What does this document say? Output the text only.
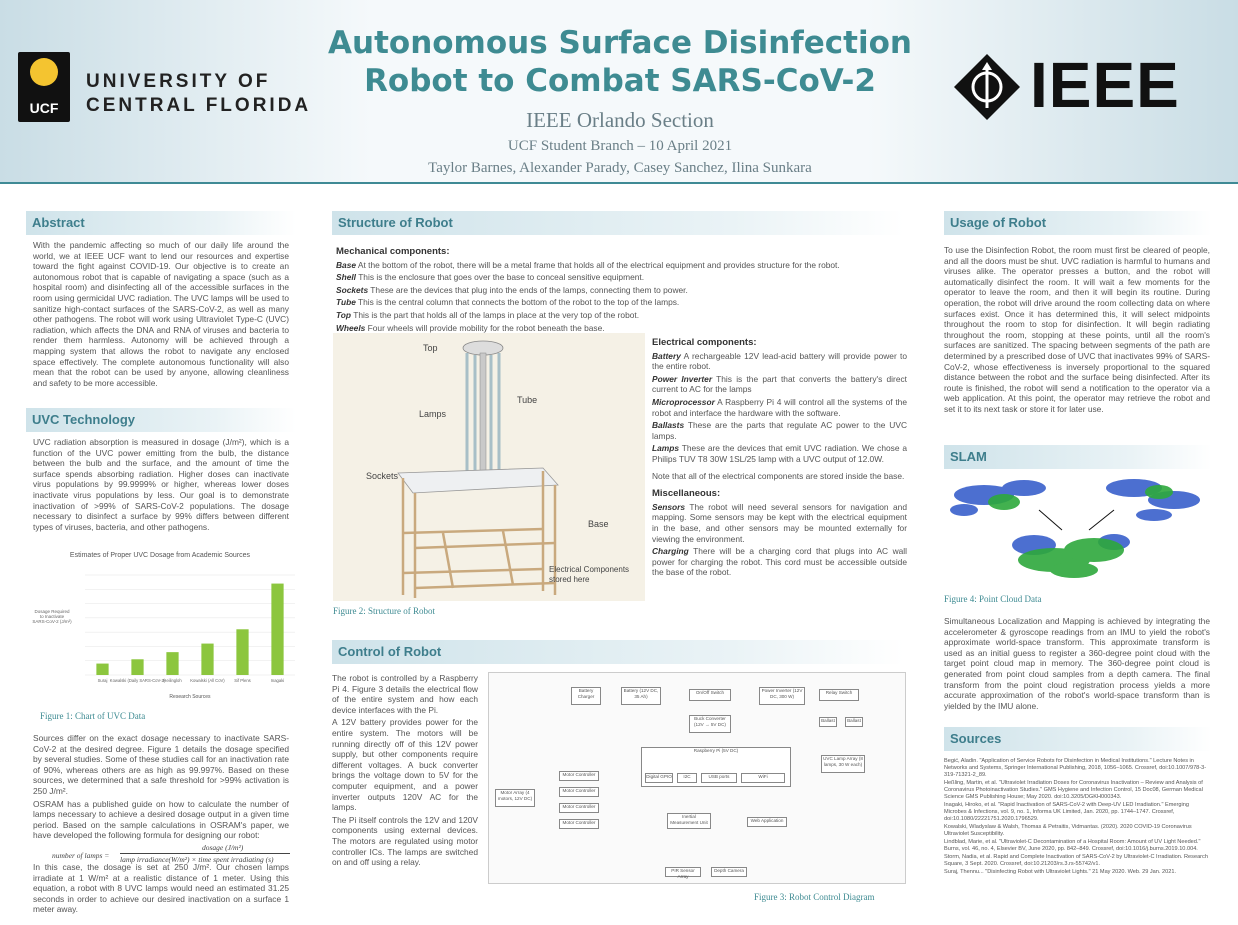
UCF
UNIVERSITY OF
CENTRAL FLORIDA
Autonomous Surface Disinfection
Robot to Combat SARS-CoV-2
IEEE Orlando Section
UCF Student Branch – 10 April 2021
Taylor Barnes, Alexander Parady, Casey Sanchez, Ilina Sunkara
IEEE
Abstract
With the pandemic affecting so much of our daily life around the world, we at IEEE UCF want to lend our resources and expertise toward the fight against COVID-19. Our objective is to create an autonomous robot that is capable of navigating a space (such as a hospital room) and disinfecting all of the accessible surfaces in the room using germicidal UVC radiation. The UVC lamps will be used to sanitize high-contact surfaces of the SARS-CoV-2, as well as many other pathogens. The robot will work using Ultraviolet Type-C (UVC) radiation, which affects the DNA and RNA of viruses and bacteria to render them harmless. Autonomy will be achieved through a mapping system that allows the robot to navigate any enclosed space effectively. The complete autonomous functionality will also mean that the robot can be used by anyone, allowing cleanliness and safety to be more accessible.
UVC Technology
UVC radiation absorption is measured in dosage (J/m²), which is a function of the UVC power emitting from the bulb, the distance between the bulb and the surface, and the amount of time the surface spends absorbing radiation. Higher doses can inactivate virus populations by 99.9999% or higher, whereas lower doses inactivate virus populations by less. Our goal is to demonstrate inactivation of >99% of SARS-CoV-2 populations. The dosage necessary to disinfect a surface by 99% differs between different types of viruses, bacteria, and other pathogens.
Estimates of Proper UVC Dosage from Academic Sources
Dosage Required to Inactivate SARS-CoV-2 (J/m²)
Suraj Kowalski (Daily SARS-CoV-2)
Heilingloh Kowalski (All CoV) Sif Plens	Inagaki
Research Sources
Figure 1: Chart of UVC Data

Sources differ on the exact dosage necessary to inactivate SARS-CoV-2 at the desired degree. Figure 1 details the dosage specified by several studies. Some of these studies call for an inactivation rate of 90%, whereas others are as high as 99.997%. Based on these sources, we determined that a safe threshold for >99% activation is 250 J/m².

OSRAM has a published guide on how to calculate the number of lamps necessary to achieve a desired dosage output in a given time period. Based on the sample calculations in OSRAM's paper, we have developed the following formula for designing our robot:

dosage (J/m²)
number of lamps = lamp irradiance(W/m²) × time spent irradiating (s)
In this case, the dosage is set at 250 J/m². Our chosen lamps irradiate at 1 W/m² at a realistic distance of 1 meter. Using this equation, a robot with 8 UVC lamps would need an estimated 31.25 seconds in order to achieve our desired inactivation on a surface 1 meter away.
Structure of Robot

Mechanical components:

Base At the bottom of the robot, there will be a metal frame that holds all of the electrical equipment and provides structure for the robot.

Shell This is the enclosure that goes over the base to conceal sensitive equipment.

Sockets These are the devices that plug into the ends of the lamps, connecting them to power.

Tube This is the central column that connects the bottom of the robot to the top of the lamps.

Top This is the part that holds all of the lamps in place at the very top of the robot.

Wheels Four wheels will provide mobility for the robot beneath the base.

Top
Lamps
Tube
Sockets
Base
Electrical Components
stored here
Figure 2: Structure of Robot

Electrical components:

Battery A rechargeable 12V lead-acid battery will provide power to the entire robot.

Power Inverter This is the part that converts the battery's direct current to AC for the lamps

Microprocessor A Raspberry Pi 4 will control all the systems of the robot and interface the hardware with the software.

Ballasts These are the parts that regulate AC power to the UVC lamps.

Lamps These are the devices that emit UVC radiation. We chose a Philips TUV T8 30W 1SL/25 lamp with a UVC output of 12.0W.

Note that all of the electrical components are stored inside the base.

Miscellaneous:

Sensors The robot will need several sensors for navigation and mapping. Some sensors may be kept with the electrical equipment in the base, and other sensors may be mounted externally for viewing the environment.

Charging There will be a charging cord that plugs into AC wall power for charging the robot. This cord must be accessible outside the base of the robot.

Control of Robot

The robot is controlled by a Raspberry Pi 4. Figure 3 details the electrical flow of the entire system and how each device interfaces with the Pi.

A 12V battery provides power for the entire system. The motors will be running directly off of this 12V power supply, but other components require different voltages. A buck converter brings the voltage down to 5V for the computer equipment, and a power inverter outputs 120V AC for the lamps.

The Pi itself controls the 12V and 120V components using external devices. The motors are regulated using motor controller ICs. The lamps are switched on and off using a relay.

Battery Charger
Battery (12V DC, 35 Ah)
On/Off Switch	Power Inverter (12V DC, 300 W)
Relay Switch
Buck Converter (12V → 5V DC)
Ballast	Ballast
UVC Lamp Array (8 lamps, 30 W each)
Raspberry Pi (5V DC)
Digital GPIO	I2C	USB ports	WiFi
Motor Controller
Motor Controller
Motor Controller
Motor Controller
Motor Array (4 motors, 12V DC)
Inertial Measurement Unit	Web Application
PIR Sensor Array
Depth Camera
Figure 3: Robot Control Diagram
Usage of Robot
To use the Disinfection Robot, the room must first be cleared of people, and all the doors must be shut. UVC radiation is harmful to humans and viruses alike. The operator presses a button, and the robot will automatically disinfect the room. It will wait a few moments for the operator to leave the room, and then it will begin its routine. During operation, the robot will drive around the room collecting data on where surfaces exist. Once it has determined this, it will select midpoints throughout the room to stop for disinfection. It will begin radiating throughout the room, stopping at these points, until all the room's surfaces are sanitized. The spacing between segments of the path are determined by a prescribed dose of UVC that inactivates 99% of SARS-CoV-2, whose effectiveness is inversely proportional to the squared distance between the robot and the surface being disinfected. After its route is finished, the robot will send a notification to the operator via a web application. At this point, the operator may retrieve the robot and set it to its next task or store it for later use.
SLAM
Figure 4: Point Cloud Data
Simultaneous Localization and Mapping is achieved by integrating the accelerometer & gyroscope readings from an IMU to yield the robot's approximate world-space transform. This approximate transform is used as an initial guess to register a 360-degree point cloud with the target point cloud map in memory. The 360-degree point cloud is generated from point cloud samples from a depth camera. The final transform from the point cloud registration process yields a more accurate approximation of the robot's world-space transform than is yielded by the IMU alone.
Sources
Begić, Aladin. "Application of Service Robots for Disinfection in Medical Institutions." Lecture Notes in Networks and Systems, Springer International Publishing, 2018, 1056–1065. Crossref, doi:10.1007/978-3-319-71321-2_89.
Heßling, Martin, et al. "Ultraviolet Irradiation Doses for Coronavirus Inactivation – Review and Analysis of Coronavirus Photoinactivation Studies." GMS Hygiene and Infection Control, 15 Doc08, German Medical Science GMS Publishing House; May 2020. doi:10.3205/DGKH000343.
Inagaki, Hiroko, et al. "Rapid Inactivation of SARS-CoV-2 with Deep-UV LED Irradiation." Emerging Microbes & Infections, vol. 9, no. 1, Informa UK Limited, Jan. 2020, pp. 1744–1747. Crossref, doi:10.1080/22221751.2020.1796529.
Kowalski, Wladyslaw & Walsh, Thomas & Petraitis, Vidmantas. (2020). 2020 COVID-19 Coronavirus Ultraviolet Susceptibility.
Lindblad, Marie, et al. "Ultraviolet-C Decontamination of a Hospital Room: Amount of UV Light Needed." Burns, vol. 46, no. 4, Elsevier BV, June 2020, pp. 842–849. Crossref, doi:10.1016/j.burns.2019.10.004.
Storm, Nadia, et al. Rapid and Complete Inactivation of SARS-CoV-2 by Ultraviolet-C Irradiation. Research Square, 3 Sept. 2020. Crossref, doi:10.21203/rs.3.rs-55742/v1.
Suraj, Thennu... "Disinfecting Robot with Ultraviolet Lights." 21 May 2020. Web. 29 Jan. 2021.
